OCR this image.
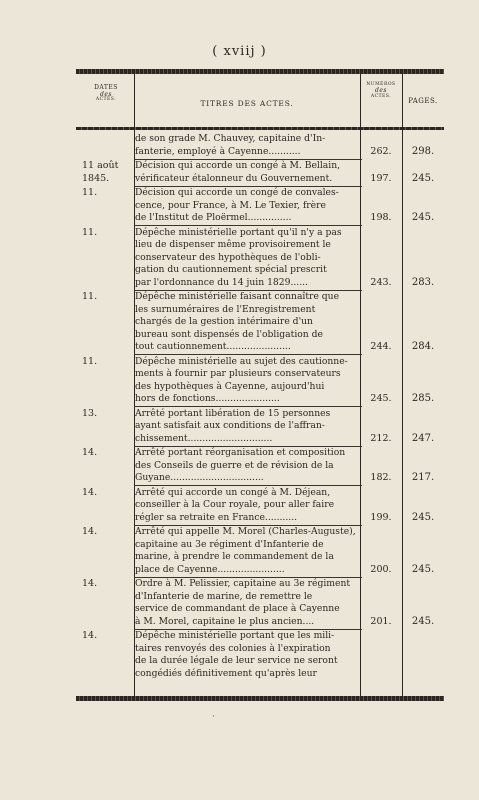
( xviij )
DATES
des
ACTES.	TITRES DES ACTES.
NUMÉROS
des
ACTES.
PAGES.
de son grade M. Chauvey, capitaine d'In-
fanterie, employé à Cayenne...........	262.	298.
11 août
1845.
Décision qui accorde un congé à M. Bellain,
vérificateur étalonneur du Gouvernement.	197.	245.
11.	Décision qui accorde un congé de convales-
cence, pour France, à M. Le Texier, frère
de l'Institut de Ploërmel...............	198.	245.
11.	Dépêche ministérielle portant qu'il n'y a pas
lieu de dispenser même provisoirement le
conservateur des hypothèques de l'obli-
gation du cautionnement spécial prescrit
par l'ordonnance du 14 juin 1829......	243.	283.
11.	Dépêche ministérielle faisant connaître que
les surnuméraires de l'Enregistrement
chargés de la gestion intérimaire d'un
bureau sont dispensés de l'obligation de
tout cautionnement......................	244.	284.
11.	Dépêche ministérielle au sujet des cautionne-
ments à fournir par plusieurs conservateurs
des hypothèques à Cayenne, aujourd'hui
hors de fonctions......................	245.	285.
13.	Arrêté portant libération de 15 personnes
ayant satisfait aux conditions de l'affran-
chissement.............................	212.	247.
14.	Arrêté portant réorganisation et composition
des Conseils de guerre et de révision de la
Guyane................................	182.	217.
14.	Arrêté qui accorde un congé à M. Déjean,
conseiller à la Cour royale, pour aller faire
régler sa retraite en France...........	199.	245.
14.	Arrêté qui appelle M. Morel (Charles-Auguste),
capitaine au 3e régiment d'Infanterie de
marine, à prendre le commandement de la
place de Cayenne.......................	200.	245.
14.	Ordre à M. Pelissier, capitaine au 3e régiment
d'Infanterie de marine, de remettre le
service de commandant de place à Cayenne
à M. Morel, capitaine le plus ancien....	201.	245.
14.	Dépêche ministérielle portant que les mili-
taires renvoyés des colonies à l'expiration
de la durée légale de leur service ne seront
congédiés définitivement qu'après leur
·
